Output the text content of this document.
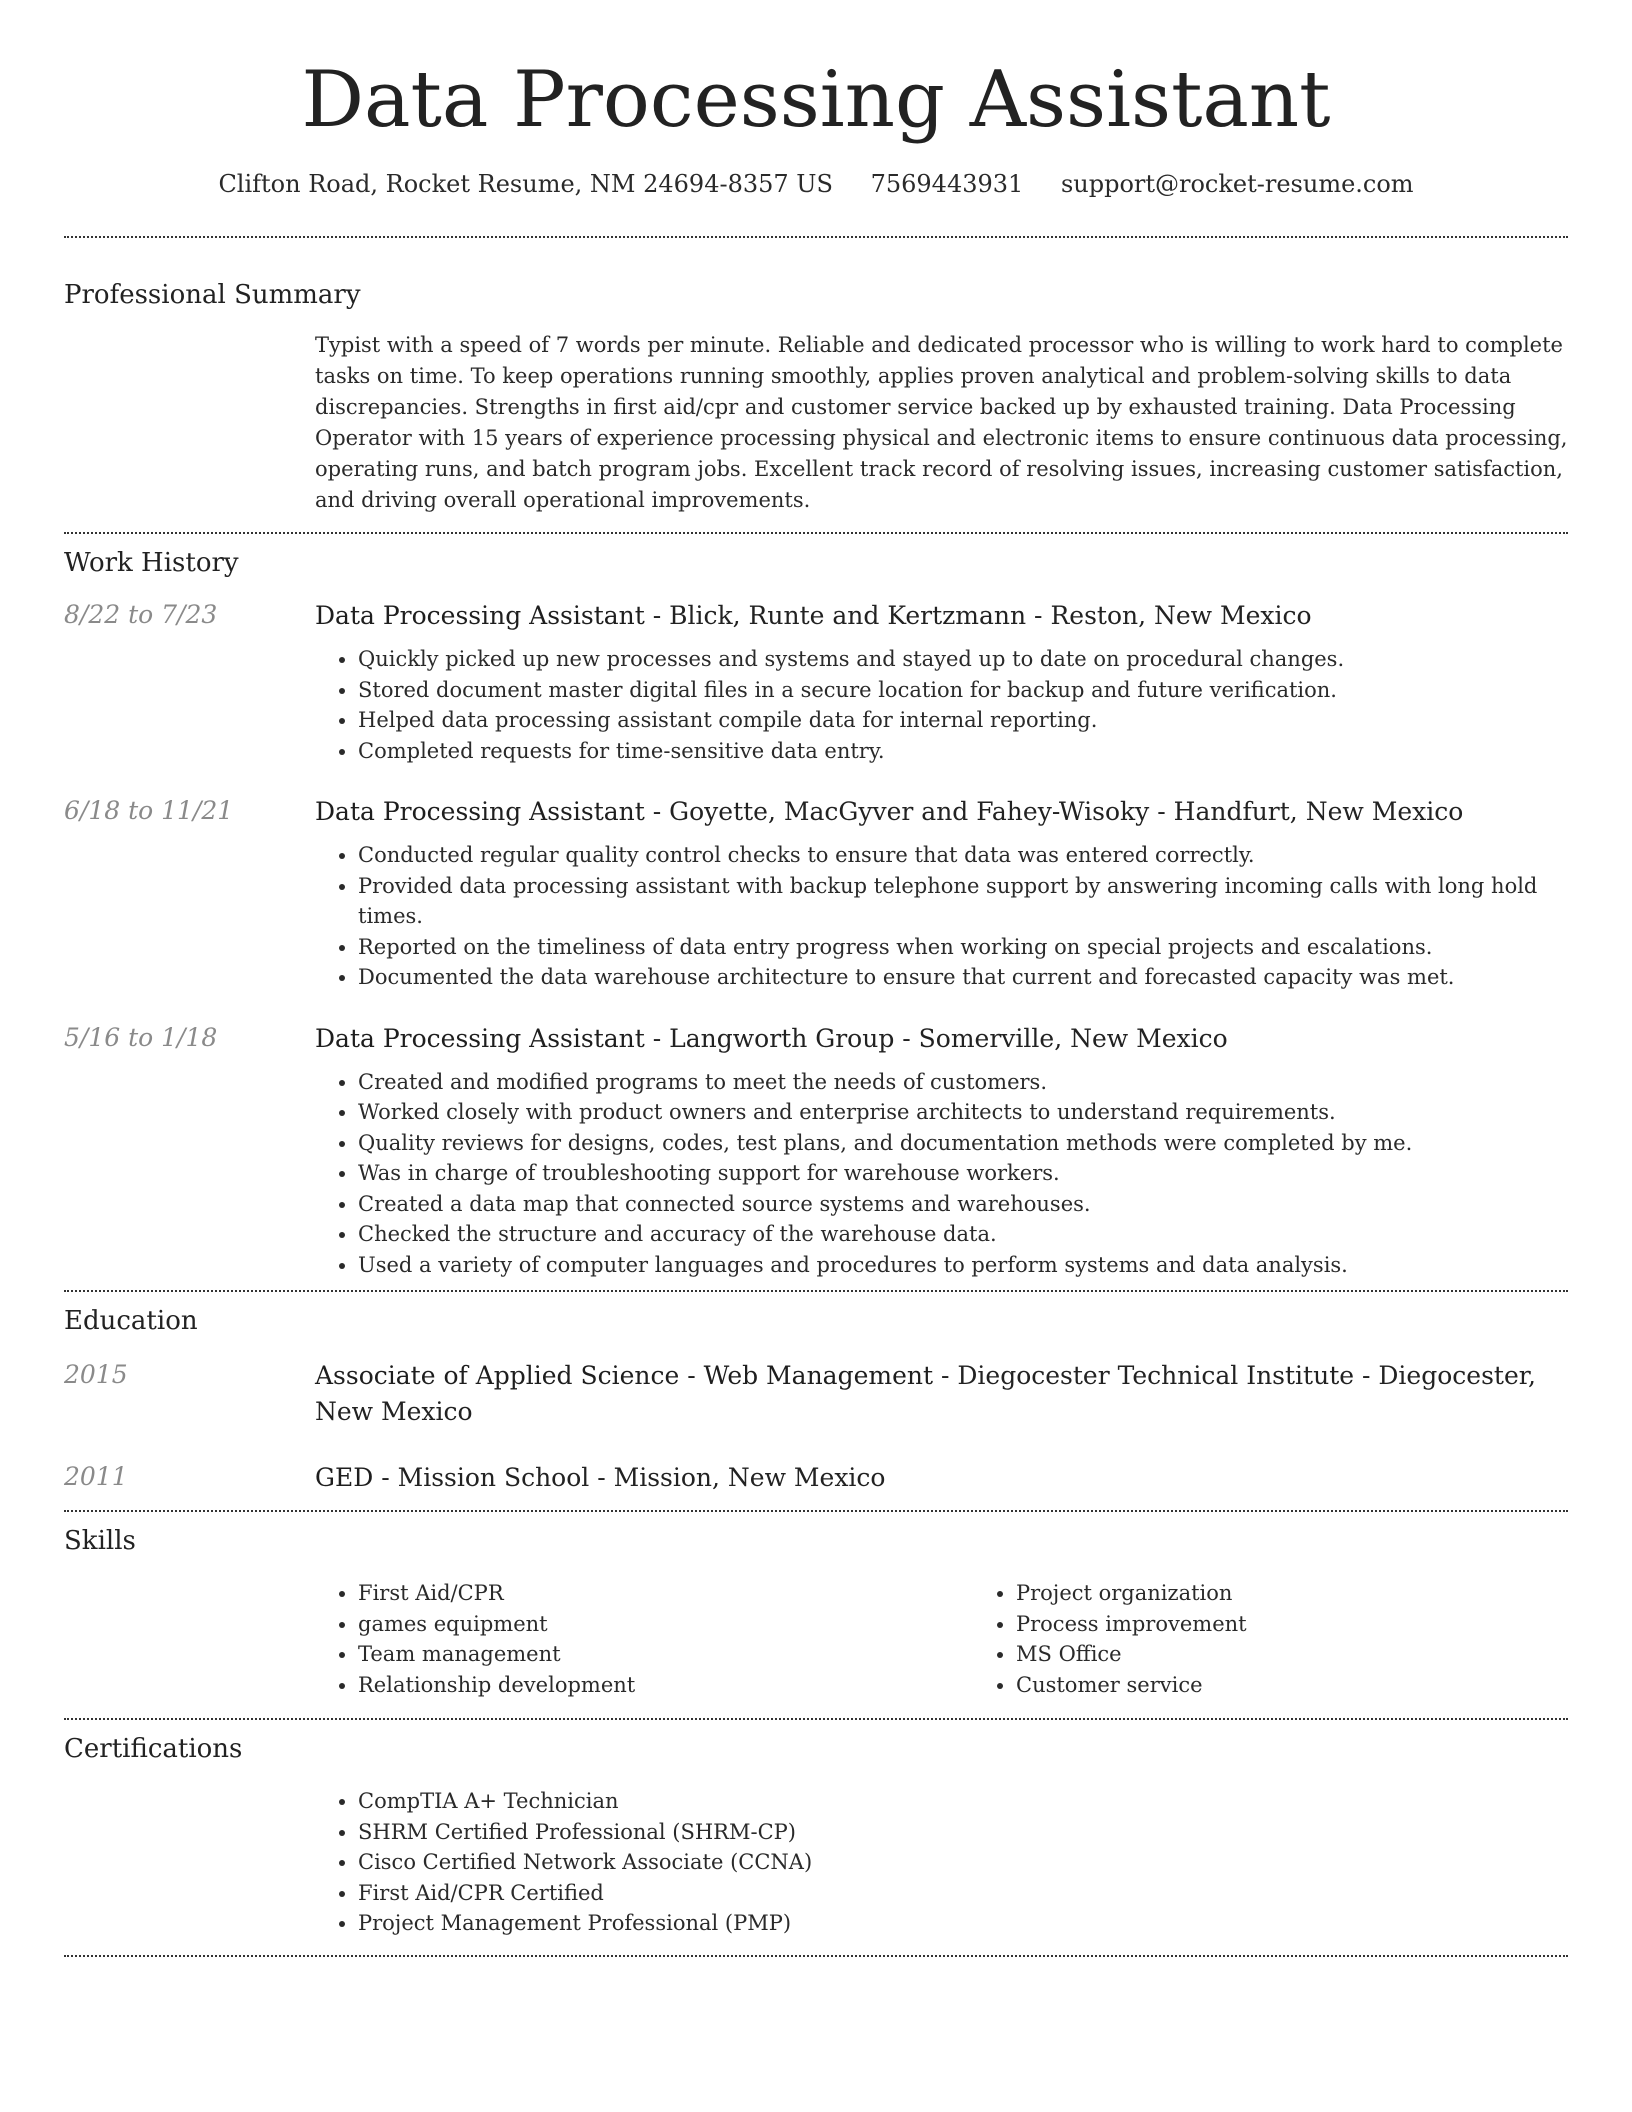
Data Processing Assistant
Clifton Road, Rocket Resume, NM 24694-8357 US 7569443931 support@rocket-resume.com
Professional Summary

Typist with a speed of 7 words per minute. Reliable and dedicated processor who is willing to work hard to complete tasks on time. To keep operations running smoothly, applies proven analytical and problem-solving skills to data discrepancies. Strengths in first aid/cpr and customer service backed up by exhausted training. Data Processing Operator with 15 years of experience processing physical and electronic items to ensure continuous data processing, operating runs, and batch program jobs. Excellent track record of resolving issues, increasing customer satisfaction, and driving overall operational improvements.

Work History
8/22 to 7/23	Data Processing Assistant - Blick, Runte and Kertzmann - Reston, New Mexico
• Quickly picked up new processes and systems and stayed up to date on procedural changes.
• Stored document master digital files in a secure location for backup and future verification.
• Helped data processing assistant compile data for internal reporting.
• Completed requests for time-sensitive data entry.
6/18 to 11/21	Data Processing Assistant - Goyette, MacGyver and Fahey-Wisoky - Handfurt, New Mexico
• Conducted regular quality control checks to ensure that data was entered correctly.
• Provided data processing assistant with backup telephone support by answering incoming calls with long hold times.
• Reported on the timeliness of data entry progress when working on special projects and escalations.
• Documented the data warehouse architecture to ensure that current and forecasted capacity was met.
5/16 to 1/18	Data Processing Assistant - Langworth Group - Somerville, New Mexico
• Created and modified programs to meet the needs of customers.
• Worked closely with product owners and enterprise architects to understand requirements.
• Quality reviews for designs, codes, test plans, and documentation methods were completed by me.
• Was in charge of troubleshooting support for warehouse workers.
• Created a data map that connected source systems and warehouses.
• Checked the structure and accuracy of the warehouse data.
• Used a variety of computer languages and procedures to perform systems and data analysis.
Education
2015	Associate of Applied Science - Web Management - Diegocester Technical Institute - Diegocester, New Mexico
2011	GED - Mission School - Mission, New Mexico
Skills
• First Aid/CPR
• games equipment
• Team management
• Relationship development
• Project organization
• Process improvement
• MS Office
• Customer service
Certifications
• CompTIA A+ Technician
• SHRM Certified Professional (SHRM-CP)
• Cisco Certified Network Associate (CCNA)
• First Aid/CPR Certified
• Project Management Professional (PMP)
